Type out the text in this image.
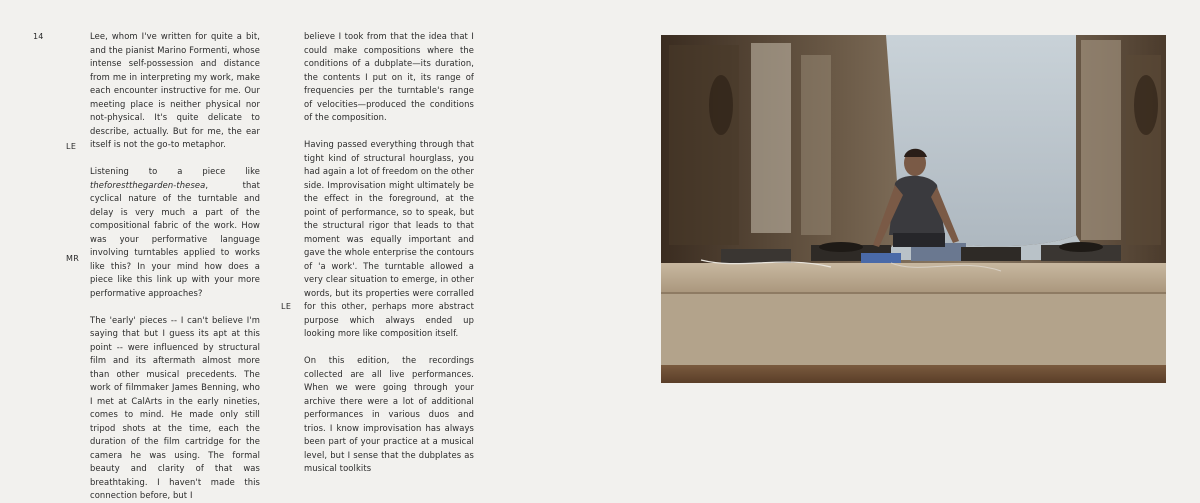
14
LE
MR
LE

Lee, whom I've written for quite a bit, and the pianist Marino Formenti, whose intense self-possession and distance from me in interpreting my work, make each encounter instructive for me. Our meeting place is neither physical nor not-physical. It's quite delicate to describe, actually. But for me, the ear itself is not the go-to metaphor.

Listening to a piece like theforestthegarden-thesea, that cyclical nature of the turntable and delay is very much a part of the compositional fabric of the work. How was your performative language involving turntables applied to works like this? In your mind how does a piece like this link up with your more performative approaches?

The 'early' pieces -- I can't believe I'm saying that but I guess its apt at this point -- were influenced by structural film and its aftermath almost more than other musical precedents. The work of filmmaker James Benning, who I met at CalArts in the early nineties, comes to mind. He made only still tripod shots at the time, each the duration of the film cartridge for the camera he was using. The formal beauty and clarity of that was breathtaking. I haven't made this connection before, but I

believe I took from that the idea that I could make compositions where the conditions of a dubplate—its duration, the contents I put on it, its range of frequencies per the turntable's range of velocities—produced the conditions of the composition.

Having passed everything through that tight kind of structural hourglass, you had again a lot of freedom on the other side. Improvisation might ultimately be the effect in the foreground, at the point of performance, so to speak, but the structural rigor that leads to that moment was equally important and gave the whole enterprise the contours of 'a work'. The turntable allowed a very clear situation to emerge, in other words, but its properties were corralled for this other, perhaps more abstract purpose which always ended up looking more like composition itself.

On this edition, the recordings collected are all live performances. When we were going through your archive there were a lot of additional performances in various duos and trios. I know improvisation has always been part of your practice at a musical level, but I sense that the dubplates as musical toolkits
